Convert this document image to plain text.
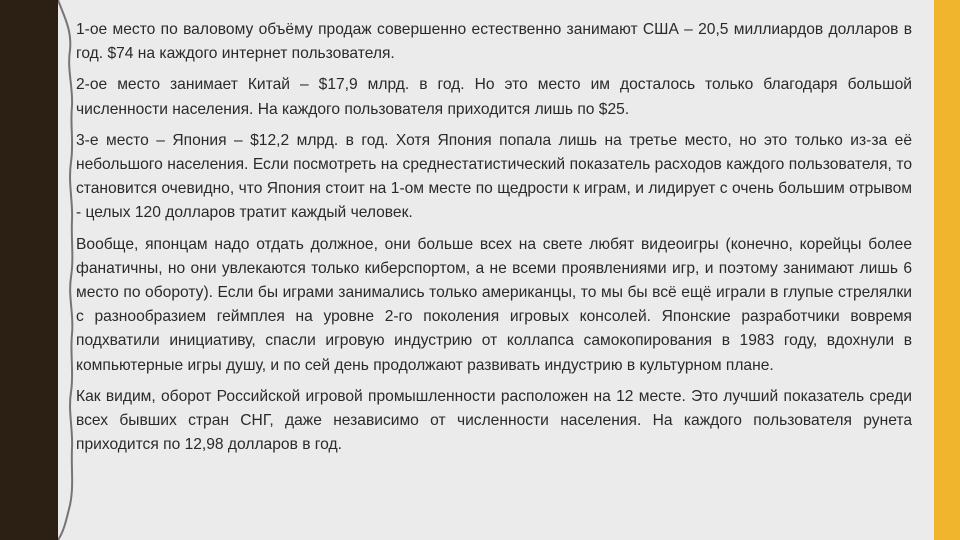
1-ое место по валовому объёму продаж совершенно естественно занимают США – 20,5 миллиардов долларов в год. $74 на каждого интернет пользователя.

2-ое место занимает Китай – $17,9 млрд. в год. Но это место им досталось только благодаря большой численности населения. На каждого пользователя приходится лишь по $25.

3-е место – Япония – $12,2 млрд. в год. Хотя Япония попала лишь на третье место, но это только из-за её небольшого населения. Если посмотреть на среднестатистический показатель расходов каждого пользователя, то становится очевидно, что Япония стоит на 1-ом месте по щедрости к играм, и лидирует с очень большим отрывом - целых 120 долларов тратит каждый человек.

Вообще, японцам надо отдать должное, они больше всех на свете любят видеоигры (конечно, корейцы более фанатичны, но они увлекаются только киберспортом, а не всеми проявлениями игр, и поэтому занимают лишь 6 место по обороту). Если бы играми занимались только американцы, то мы бы всё ещё играли в глупые стрелялки с разнообразием геймплея на уровне 2-го поколения игровых консолей. Японские разработчики вовремя подхватили инициативу, спасли игровую индустрию от коллапса самокопирования в 1983 году, вдохнули в компьютерные игры душу, и по сей день продолжают развивать индустрию в культурном плане.

Как видим, оборот Российской игровой промышленности расположен на 12 месте. Это лучший показатель среди всех бывших стран СНГ, даже независимо от численности населения. На каждого пользователя рунета приходится по 12,98 долларов в год.
